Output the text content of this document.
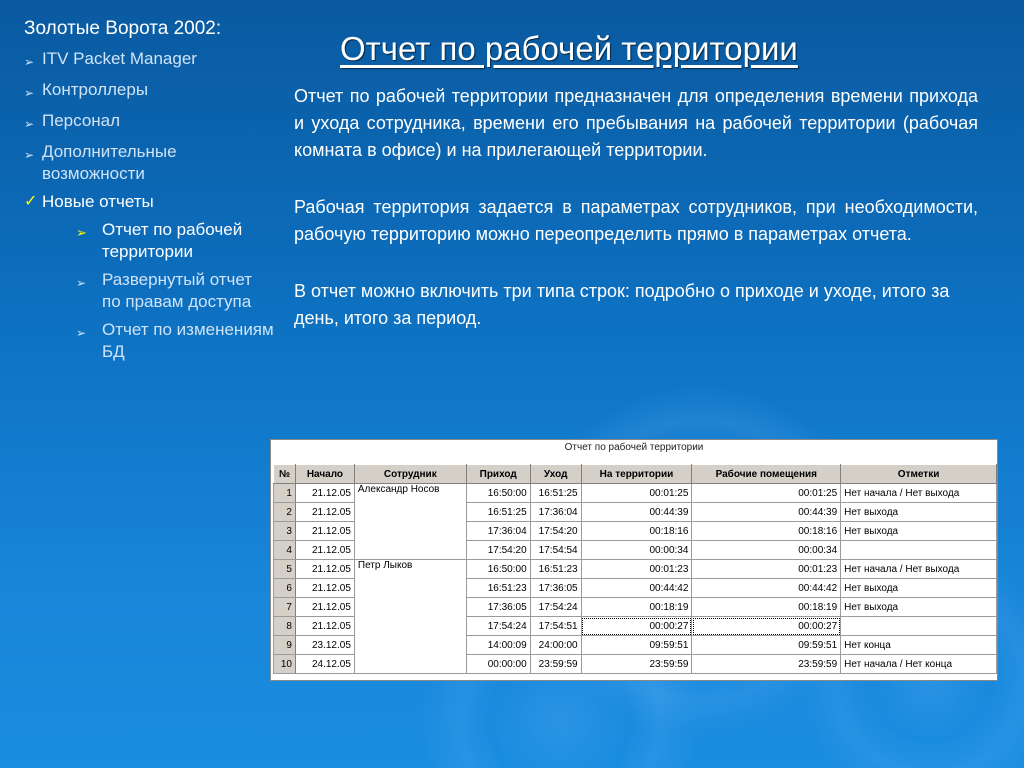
Золотые Ворота 2002:
➢ ITV Packet Manager
➢ Контроллеры
➢ Персонал
➢ Дополнительные возможности
✓ Новые отчеты
➢ Отчет по рабочей территории
➢ Развернутый отчет по правам доступа
➢ Отчет по изменениям БД
Отчет по рабочей территории

Отчет по рабочей территории предназначен для определения времени прихода и ухода сотрудника, времени его пребывания на рабочей территории (рабочая комната в офисе) и на прилегающей территории.

Рабочая территория задается в параметрах сотрудников, при необходимости, рабочую территорию можно переопределить прямо в параметрах отчета.

В отчет можно включить три типа строк: подробно о приходе и уходе, итого за день, итого за период.

Отчет по рабочей территории
№	Начало	Сотрудник	Приход	Уход	На территории	Рабочие помещения	Отметки
1	21.12.05	Александр Носов	16:50:00	16:51:25	00:01:25	00:01:25	Нет начала / Нет выхода
2	21.12.05		16:51:25	17:36:04	00:44:39	00:44:39	Нет выхода
3	21.12.05		17:36:04	17:54:20	00:18:16	00:18:16	Нет выхода
4	21.12.05		17:54:20	17:54:54	00:00:34	00:00:34	
5	21.12.05	Петр Лыков	16:50:00	16:51:23	00:01:23	00:01:23	Нет начала / Нет выхода
6	21.12.05		16:51:23	17:36:05	00:44:42	00:44:42	Нет выхода
7	21.12.05		17:36:05	17:54:24	00:18:19	00:18:19	Нет выхода
8	21.12.05		17:54:24	17:54:51	00:00:27	00:00:27	
9	23.12.05		14:00:09	24:00:00	09:59:51	09:59:51	Нет конца
10	24.12.05		00:00:00	23:59:59	23:59:59	23:59:59	Нет начала / Нет конца
